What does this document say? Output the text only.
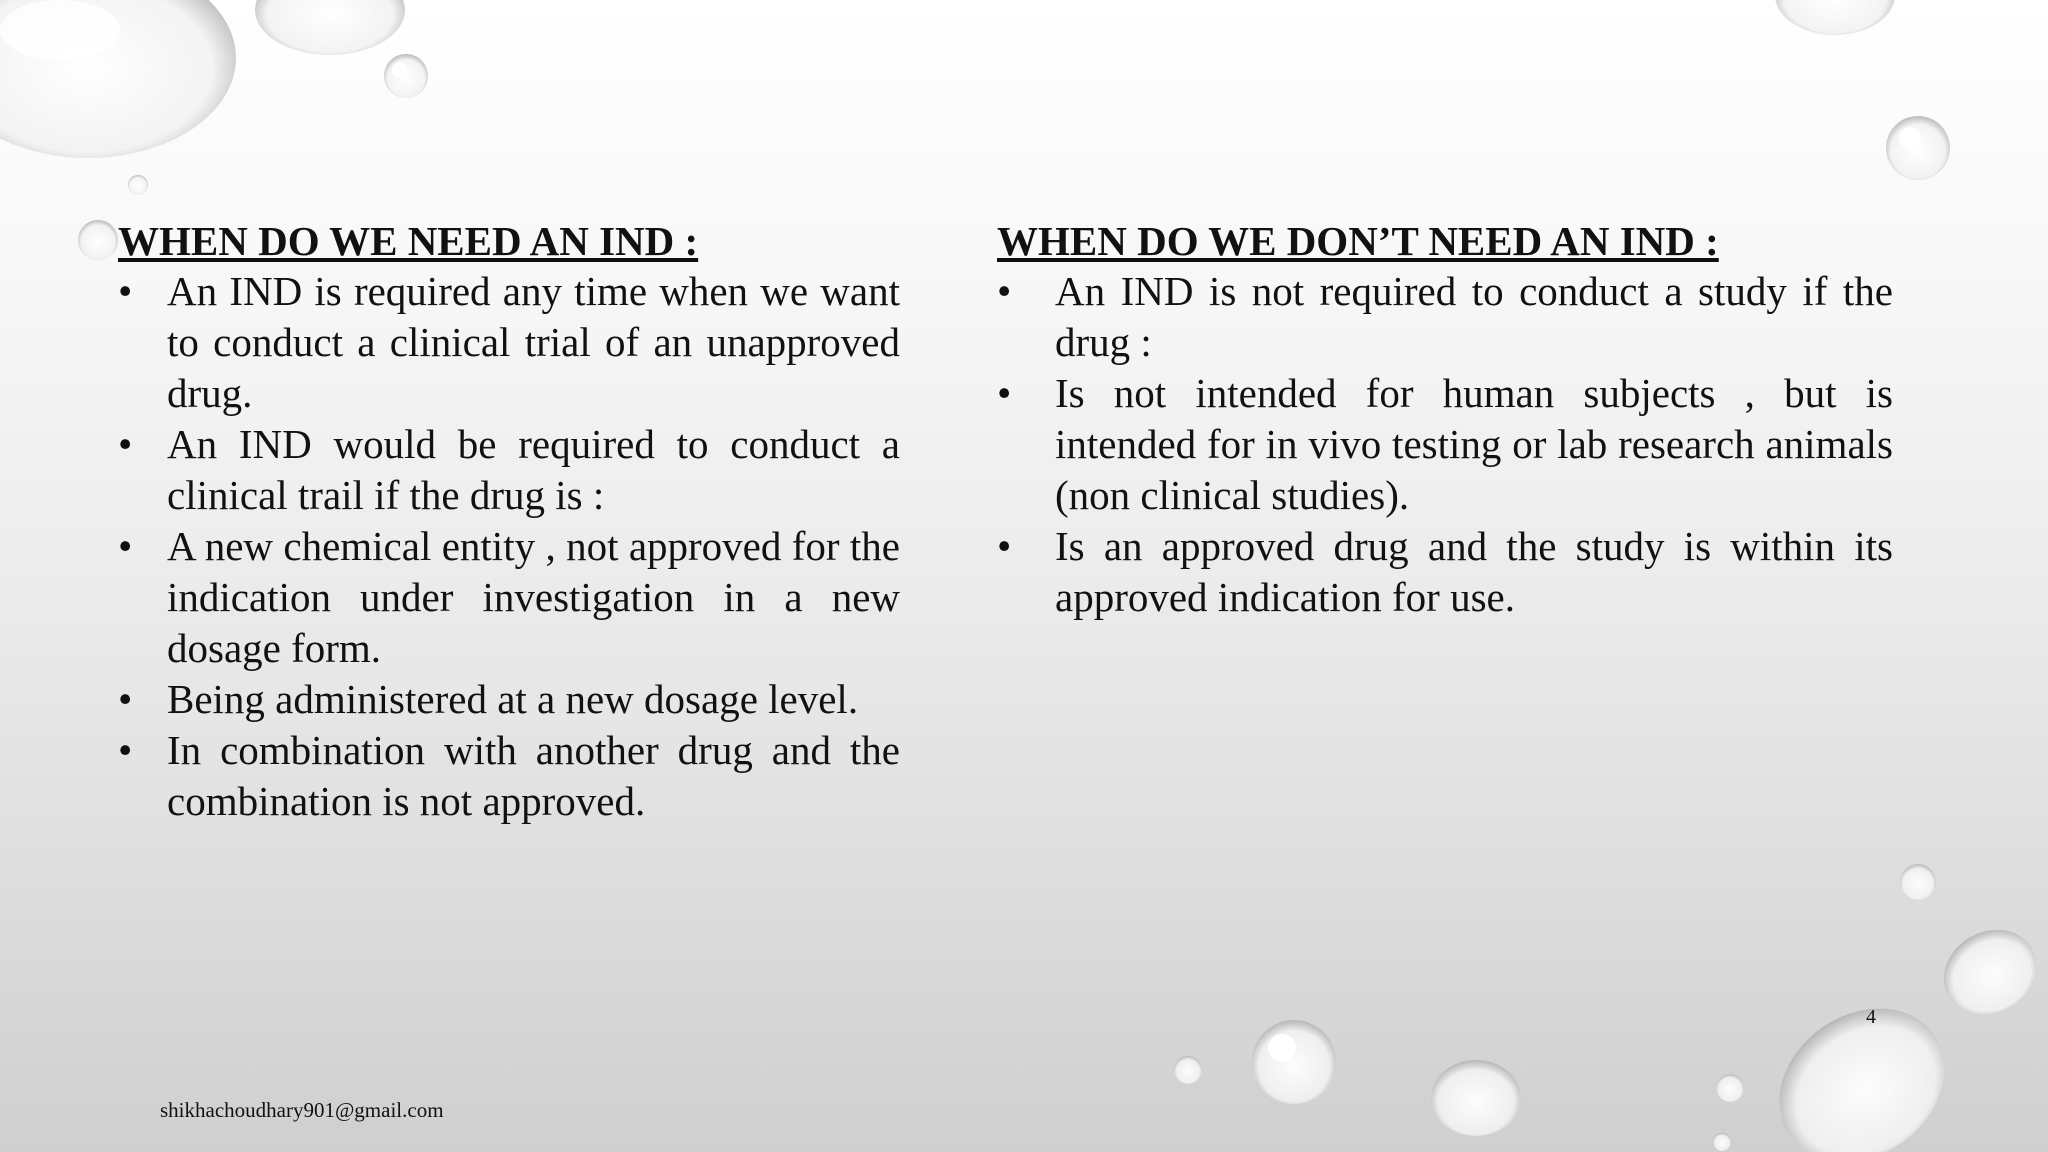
WHEN DO WE NEED AN IND :
• An IND is required any time when we want to conduct a clinical trial of an unapproved drug.
• An IND would be required to conduct a clinical trail if the drug is :
• A new chemical entity , not approved for the indication under investigation in a new dosage form.
• Being administered at a new dosage level.
• In combination with another drug and the combination is not approved.
WHEN DO WE DON’T NEED AN IND :
•	An IND is not required to conduct a study if the drug :
•	Is not intended for human subjects , but is intended for in vivo testing or lab research animals (non clinical studies).
•	Is an approved drug and the study is within its approved indication for use.
4
shikhachoudhary901@gmail.com
